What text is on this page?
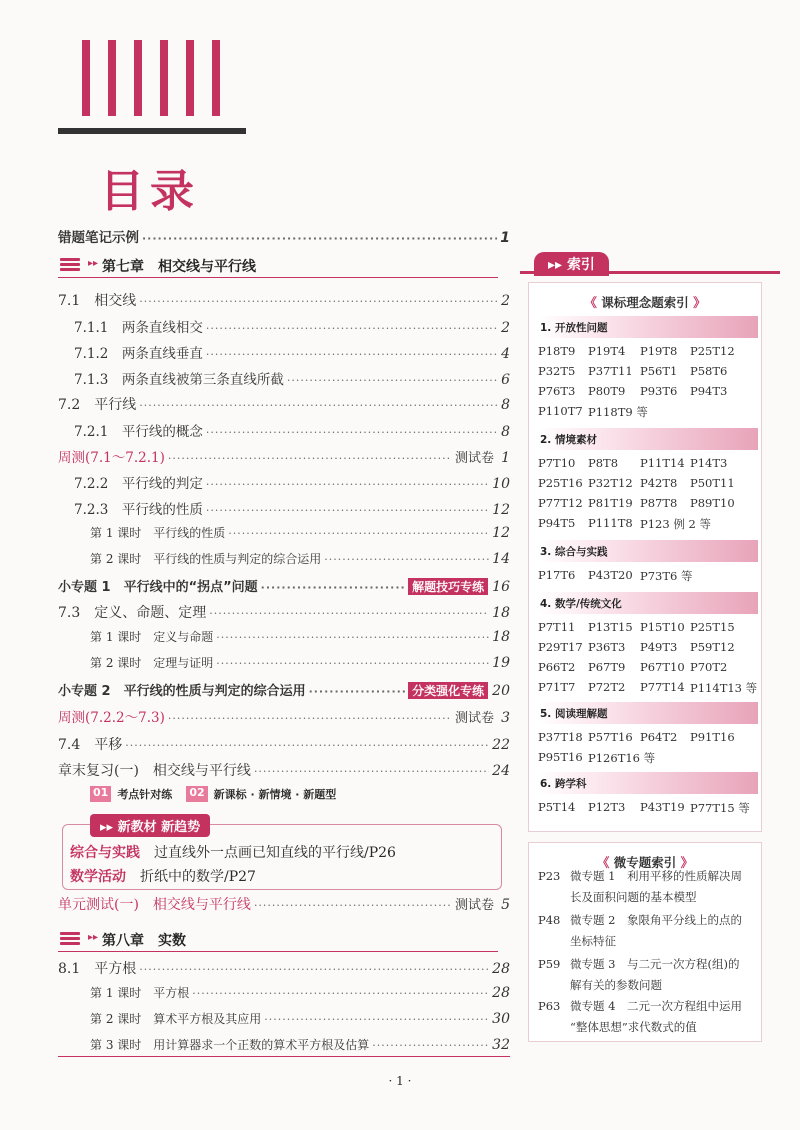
目录
错题笔记示例 ·····	1
▸▸ 第七章　相交线与平行线
7.1　相交线 ·····	2
7.1.1　两条直线相交 ·····	2
7.1.2　两条直线垂直 ·····	4
7.1.3　两条直线被第三条直线所截 ·····	6
7.2　平行线 ·····	8
7.2.1　平行线的概念 ·····	8
周测(7.1～7.2.1) ·····	测试卷 1
7.2.2　平行线的判定 ·····	10
7.2.3　平行线的性质 ·····	12
第 1 课时　平行线的性质 ·····	12
第 2 课时　平行线的性质与判定的综合运用 ·····	14
小专题 1　平行线中的“拐点”问题 ·····	解题技巧专练 16
7.3　定义、命题、定理 ·····	18
第 1 课时　定义与命题 ·····	18
第 2 课时　定理与证明 ·····	19
小专题 2　平行线的性质与判定的综合运用 ·····	分类强化专练 20
周测(7.2.2～7.3) ·····	测试卷 3
7.4　平移 ·····	22
章末复习(一)　相交线与平行线 ·····	24
01 考点针对练 02 新课标 · 新情境 · 新题型
▸▸ 新教材 新趋势
综合与实践 过直线外一点画已知直线的平行线/P26
数学活动 折纸中的数学/P27
单元测试(一)　相交线与平行线 ·····	测试卷 5
▸▸ 第八章　实数
8.1　平方根 ·····	28
第 1 课时　平方根 ·····	28
第 2 课时　算术平方根及其应用 ·····	30
第 3 课时　用计算器求一个正数的算术平方根及估算 ·····	32
· 1 ·
▸▸ 索引
《 课标理念题索引 》
1. 开放性问题
P18T9	P19T4	P19T8	P25T12
P32T5	P37T11 P56T1	P58T6
P76T3	P80T9	P93T6	P94T3
P110T7 P118T9 等
2. 情境素材
P7T10	P8T8	P11T14 P14T3
P25T16 P32T12 P42T8	P50T11
P77T12 P81T19 P87T8	P89T10
P94T5	P111T8 P123 例 2 等
3. 综合与实践
P17T6	P43T20 P73T6 等
4. 数学/传统文化
P7T11	P13T15 P15T10 P25T15
P29T17 P36T3	P49T3	P59T12
P66T2	P67T9	P67T10 P70T2
P71T7	P72T2	P77T14 P114T13 等
5. 阅读理解题
P37T18 P57T16 P64T2	P91T16
P95T16 P126T16 等
6. 跨学科
P5T14	P12T3	P43T19 P77T15 等
《 微专题索引 》
P23 微专题 1　利用平移的性质解决周
长及面积问题的基本模型
P48 微专题 2　象限角平分线上的点的
坐标特征
P59 微专题 3　与二元一次方程(组)的
解有关的参数问题
P63 微专题 4　二元一次方程组中运用
“整体思想”求代数式的值
